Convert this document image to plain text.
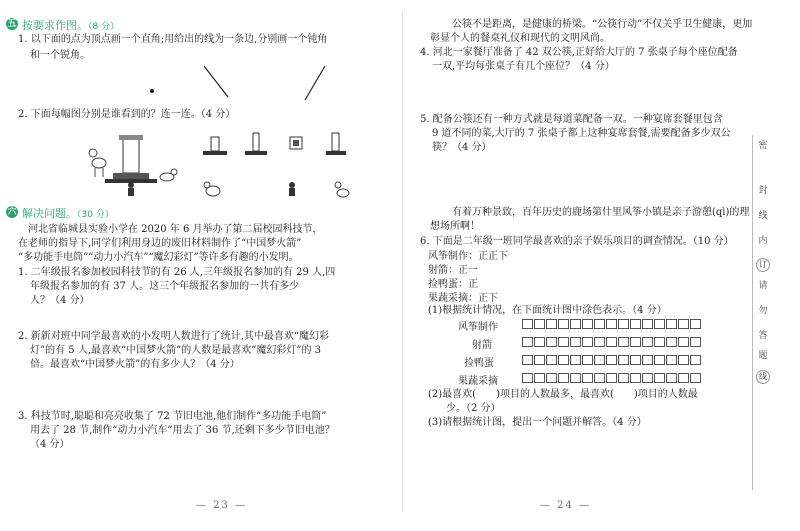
五 按要求作图。（8 分）
1. 以下面的点为顶点画一个直角;用给出的线为一条边,分别画一个钝角
和一个锐角。
2. 下面每幅图分别是谁看到的？连一连。（4 分）
六 解决问题。（30 分）
河北省临城县实验小学在 2020 年 6 月举办了第二届校园科技节，
在老师的指导下,同学们利用身边的废旧材料制作了“中国梦火箭”
“多功能手电筒”“动力小汽车”“魔幻彩灯”等许多有趣的小发明。
1. 二年级报名参加校园科技节的有 26 人,三年级报名参加的有 29 人,四
年级报名参加的有 37 人。这三个年级报名参加的一共有多少
人？（4 分）
2. 新新对班中同学最喜欢的小发明人数进行了统计,其中最喜欢“魔幻彩
灯”的有 5 人,最喜欢“中国梦火箭”的人数是最喜欢“魔幻彩灯”的 3
倍。最喜欢“中国梦火箭”的有多少人？（4 分）
3. 科技节时,聪聪和亮亮收集了 72 节旧电池,他们制作“多功能手电筒”
用去了 28 节,制作“动力小汽车”用去了 36 节,还剩下多少节旧电池？
（4 分）
— 23 —
公筷不是距离，是健康的桥梁。“公筷行动”不仅关乎卫生健康，更加
彰显个人的餐桌礼仪和现代的文明风尚。
4. 河北一家餐厅准备了 42 双公筷,正好给大厅的 7 张桌子每个座位配备
一双,平均每张桌子有几个座位？（4 分）
5. 配备公筷还有一种方式就是每道菜配备一双。一种宴席套餐里包含
9 道不同的菜,大厅的 7 张桌子都上这种宴席套餐,需要配备多少双公
筷？（4 分）
有着万种景致，百年历史的鹿场第什里风筝小镇是亲子游憩(qì)的理
想场所啊！
6. 下面是二年级一班同学最喜欢的亲子娱乐项目的调查情况。（10 分）
风筝制作：正正下
射箭：正一
捡鸭蛋：正
果蔬采摘：正下
(1)根据统计情况，在下面统计图中涂色表示。（4 分）
风筝制作
射箭
捡鸭蛋
果蔬采摘
(2)最喜欢(　　)项目的人数最多，最喜欢(　　)项目的人数最
少。（2 分）
(3)请根据统计图，提出一个问题并解答。（4 分）
— 24 —
密
封
线
内
订
请
勿
答
题
线
